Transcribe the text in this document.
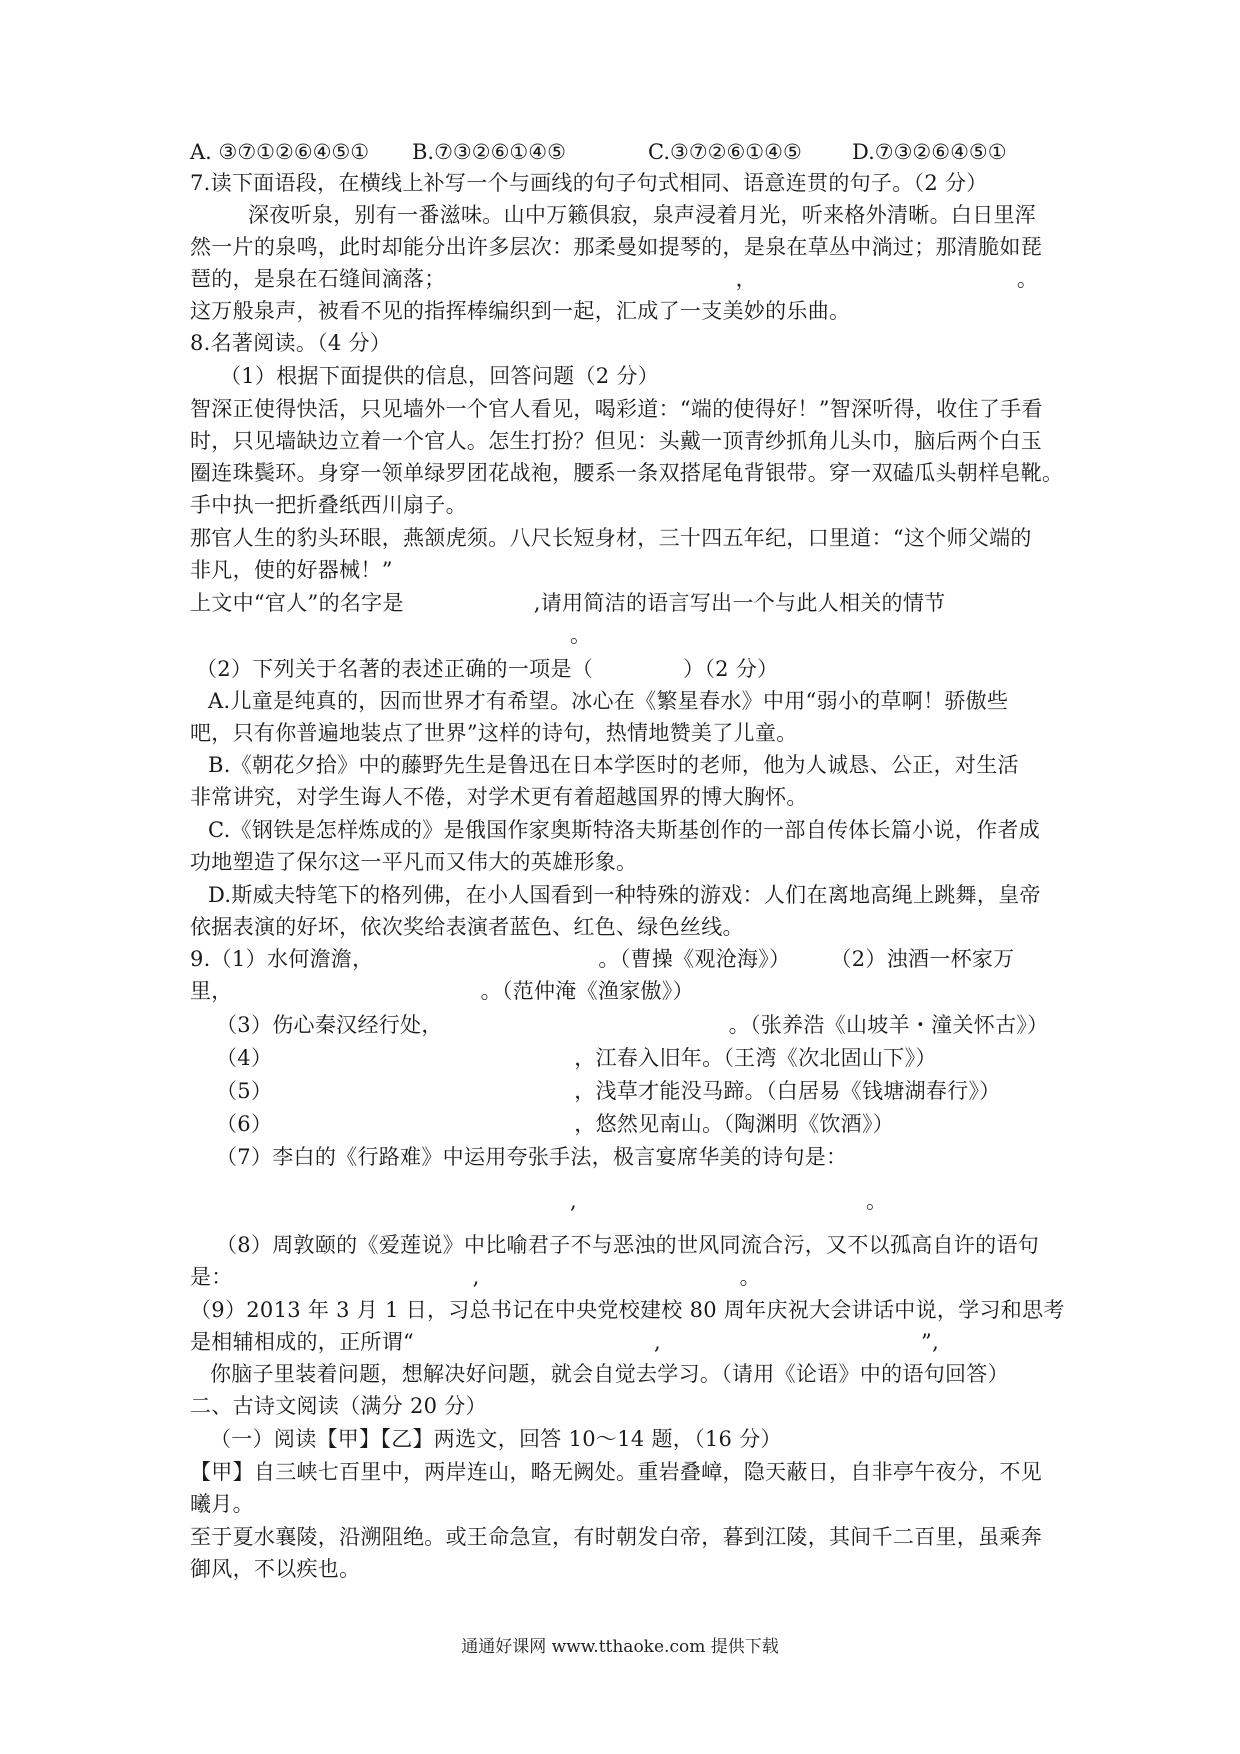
A. ③⑦①②⑥④⑤① B.⑦③②⑥①④⑤	C.③⑦②⑥①④⑤ D.⑦③②⑥④⑤①
7.读下面语段，在横线上补写一个与画线的句子句式相同、语意连贯的句子。（2 分）
深夜听泉，别有一番滋味。山中万籁俱寂，泉声浸着月光，听来格外清晰。白日里浑
然一片的泉鸣，此时却能分出许多层次：那柔曼如提琴的，是泉在草丛中淌过；那清脆如琵
琶的，是泉在石缝间滴落；	，	。
这万般泉声，被看不见的指挥棒编织到一起，汇成了一支美妙的乐曲。
8.名著阅读。（4 分）
（1）根据下面提供的信息，回答问题（2 分）
智深正使得快活，只见墙外一个官人看见，喝彩道：“端的使得好！”智深听得，收住了手看
时，只见墙缺边立着一个官人。怎生打扮？但见：头戴一顶青纱抓角儿头巾，脑后两个白玉
圈连珠鬓环。身穿一领单绿罗团花战袍，腰系一条双搭尾龟背银带。穿一双磕瓜头朝样皂靴。
手中执一把折叠纸西川扇子。
那官人生的豹头环眼，燕颔虎须。八尺长短身材，三十四五年纪，口里道：“这个师父端的
非凡，使的好器械！”
上文中“官人”的名字是	,请用简洁的语言写出一个与此人相关的情节
。
（2）下列关于名著的表述正确的一项是（	）（2 分）
A.儿童是纯真的，因而世界才有希望。冰心在《繁星春水》中用“弱小的草啊！骄傲些
吧，只有你普遍地装点了世界”这样的诗句，热情地赞美了儿童。
B.《朝花夕拾》中的藤野先生是鲁迅在日本学医时的老师，他为人诚恳、公正，对生活
非常讲究，对学生诲人不倦，对学术更有着超越国界的博大胸怀。
C.《钢铁是怎样炼成的》是俄国作家奥斯特洛夫斯基创作的一部自传体长篇小说，作者成
功地塑造了保尔这一平凡而又伟大的英雄形象。
D.斯威夫特笔下的格列佛，在小人国看到一种特殊的游戏：人们在离地高绳上跳舞，皇帝
依据表演的好坏，依次奖给表演者蓝色、红色、绿色丝线。
9.（1）水何澹澹，	。（曹操《观沧海》） （2）浊酒一杯家万
里，	。（范仲淹《渔家傲》）
（3）伤心秦汉经行处，	。（张养浩《山坡羊・潼关怀古》）
（4）	，江春入旧年。（王湾《次北固山下》）
（5）	，浅草才能没马蹄。（白居易《钱塘湖春行》）
（6）	，悠然见南山。（陶渊明《饮酒》）
（7）李白的《行路难》中运用夸张手法，极言宴席华美的诗句是：
,	。
（8）周敦颐的《爱莲说》中比喻君子不与恶浊的世风同流合污，又不以孤高自许的语句
是：	,	。
（9）2013 年 3 月 1 日，习总书记在中央党校建校 80 周年庆祝大会讲话中说，学习和思考
是相辅相成的，正所谓“	,	”,
你脑子里装着问题，想解决好问题，就会自觉去学习。（请用《论语》中的语句回答）
二、古诗文阅读（满分 20 分）
（一）阅读【甲】【乙】两选文，回答 10～14 题，（16 分）
【甲】自三峡七百里中，两岸连山，略无阙处。重岩叠嶂，隐天蔽日，自非亭午夜分，不见
曦月。
至于夏水襄陵，沿溯阻绝。或王命急宣，有时朝发白帝，暮到江陵，其间千二百里，虽乘奔
御风，不以疾也。
通通好课网 www.tthaoke.com 提供下载
